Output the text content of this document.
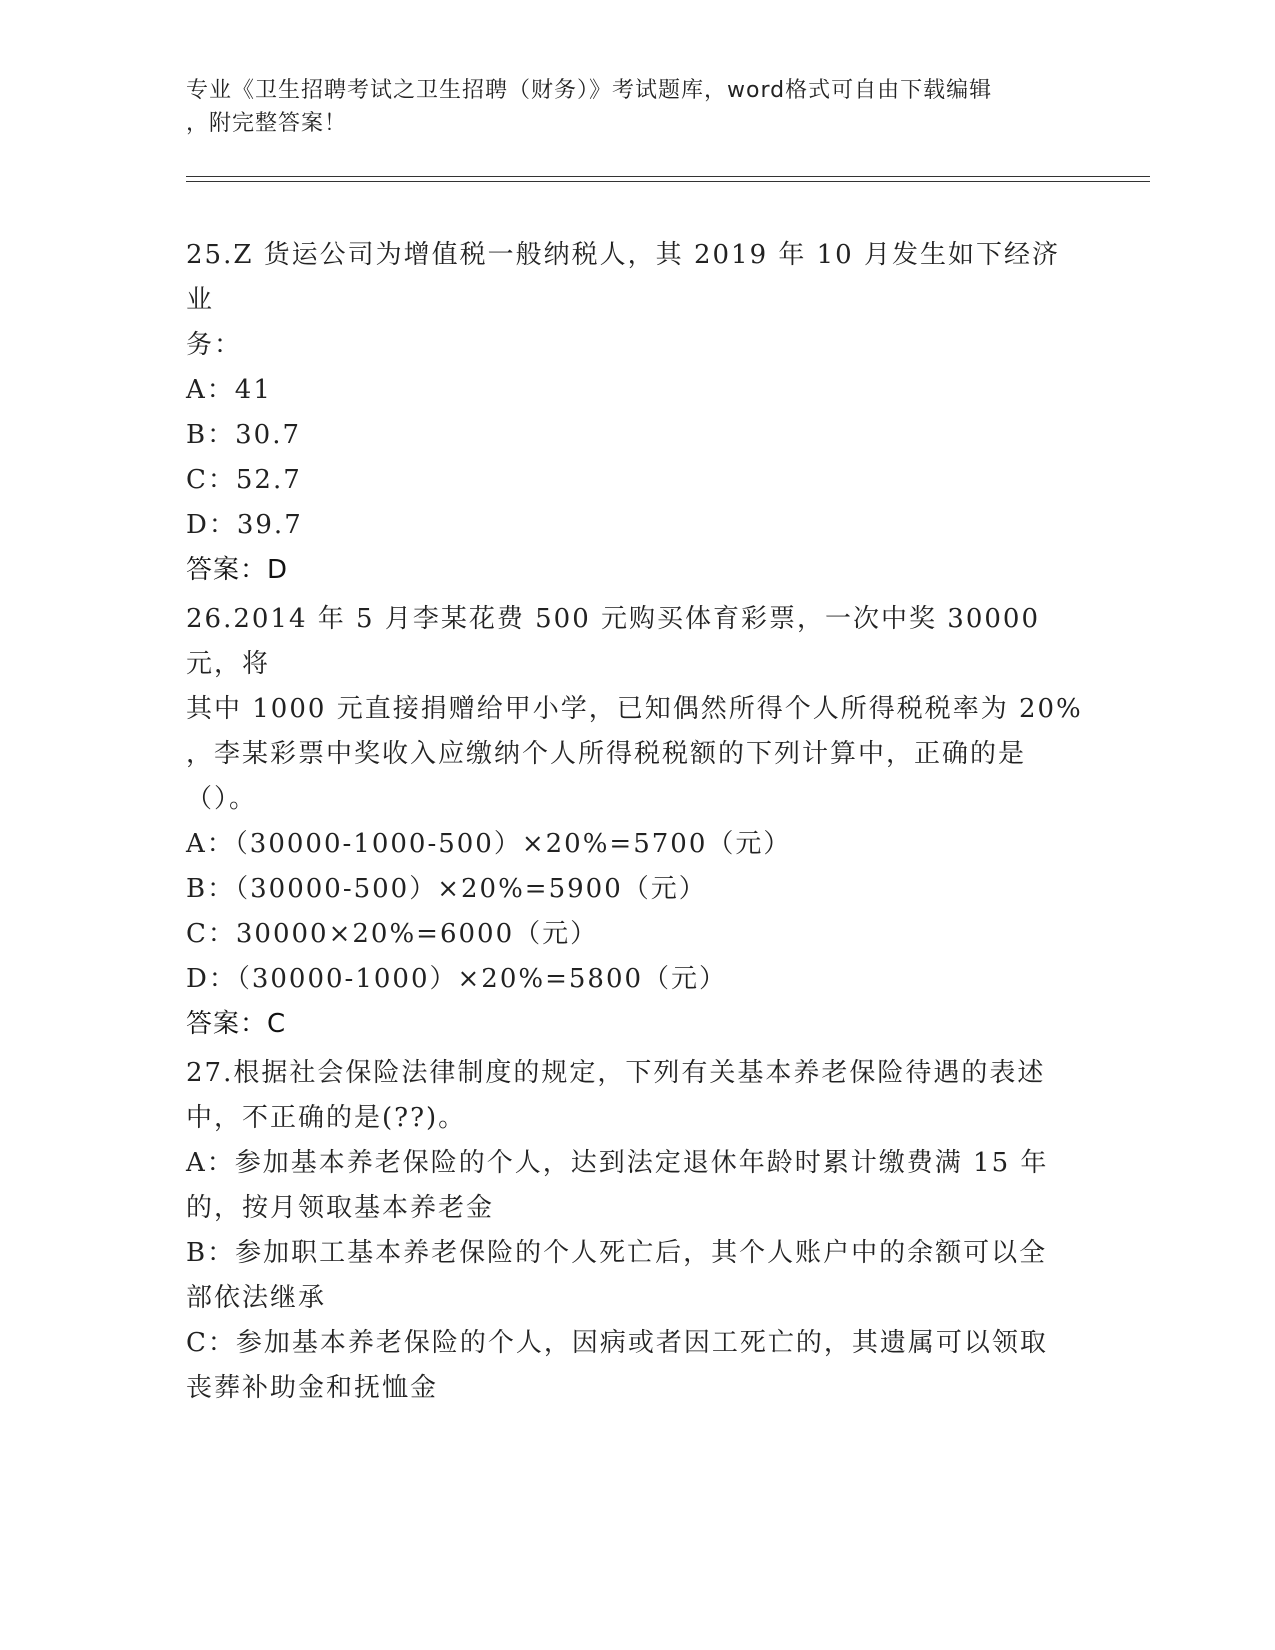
专业《卫生招聘考试之卫生招聘（财务）》考试题库，word格式可自由下载编辑

，附完整答案！

25.Z 货运公司为增值税一般纳税人，其 2019 年 10 月发生如下经济业

务：

A：41

B：30.7

C：52.7

D：39.7

答案：D

26.2014 年 5 月李某花费 500 元购买体育彩票，一次中奖 30000 元，将

其中 1000 元直接捐赠给甲小学，已知偶然所得个人所得税税率为 20%

，李某彩票中奖收入应缴纳个人所得税税额的下列计算中，正确的是

（）。

A：（30000-1000-500）×20%=5700（元）

B：（30000-500）×20%=5900（元）

C：30000×20%=6000（元）

D：（30000-1000）×20%=5800（元）

答案：C

27.根据社会保险法律制度的规定，下列有关基本养老保险待遇的表述

中，不正确的是(??)。

A：参加基本养老保险的个人，达到法定退休年龄时累计缴费满 15 年

的，按月领取基本养老金

B：参加职工基本养老保险的个人死亡后，其个人账户中的余额可以全

部依法继承

C：参加基本养老保险的个人，因病或者因工死亡的，其遗属可以领取

丧葬补助金和抚恤金
